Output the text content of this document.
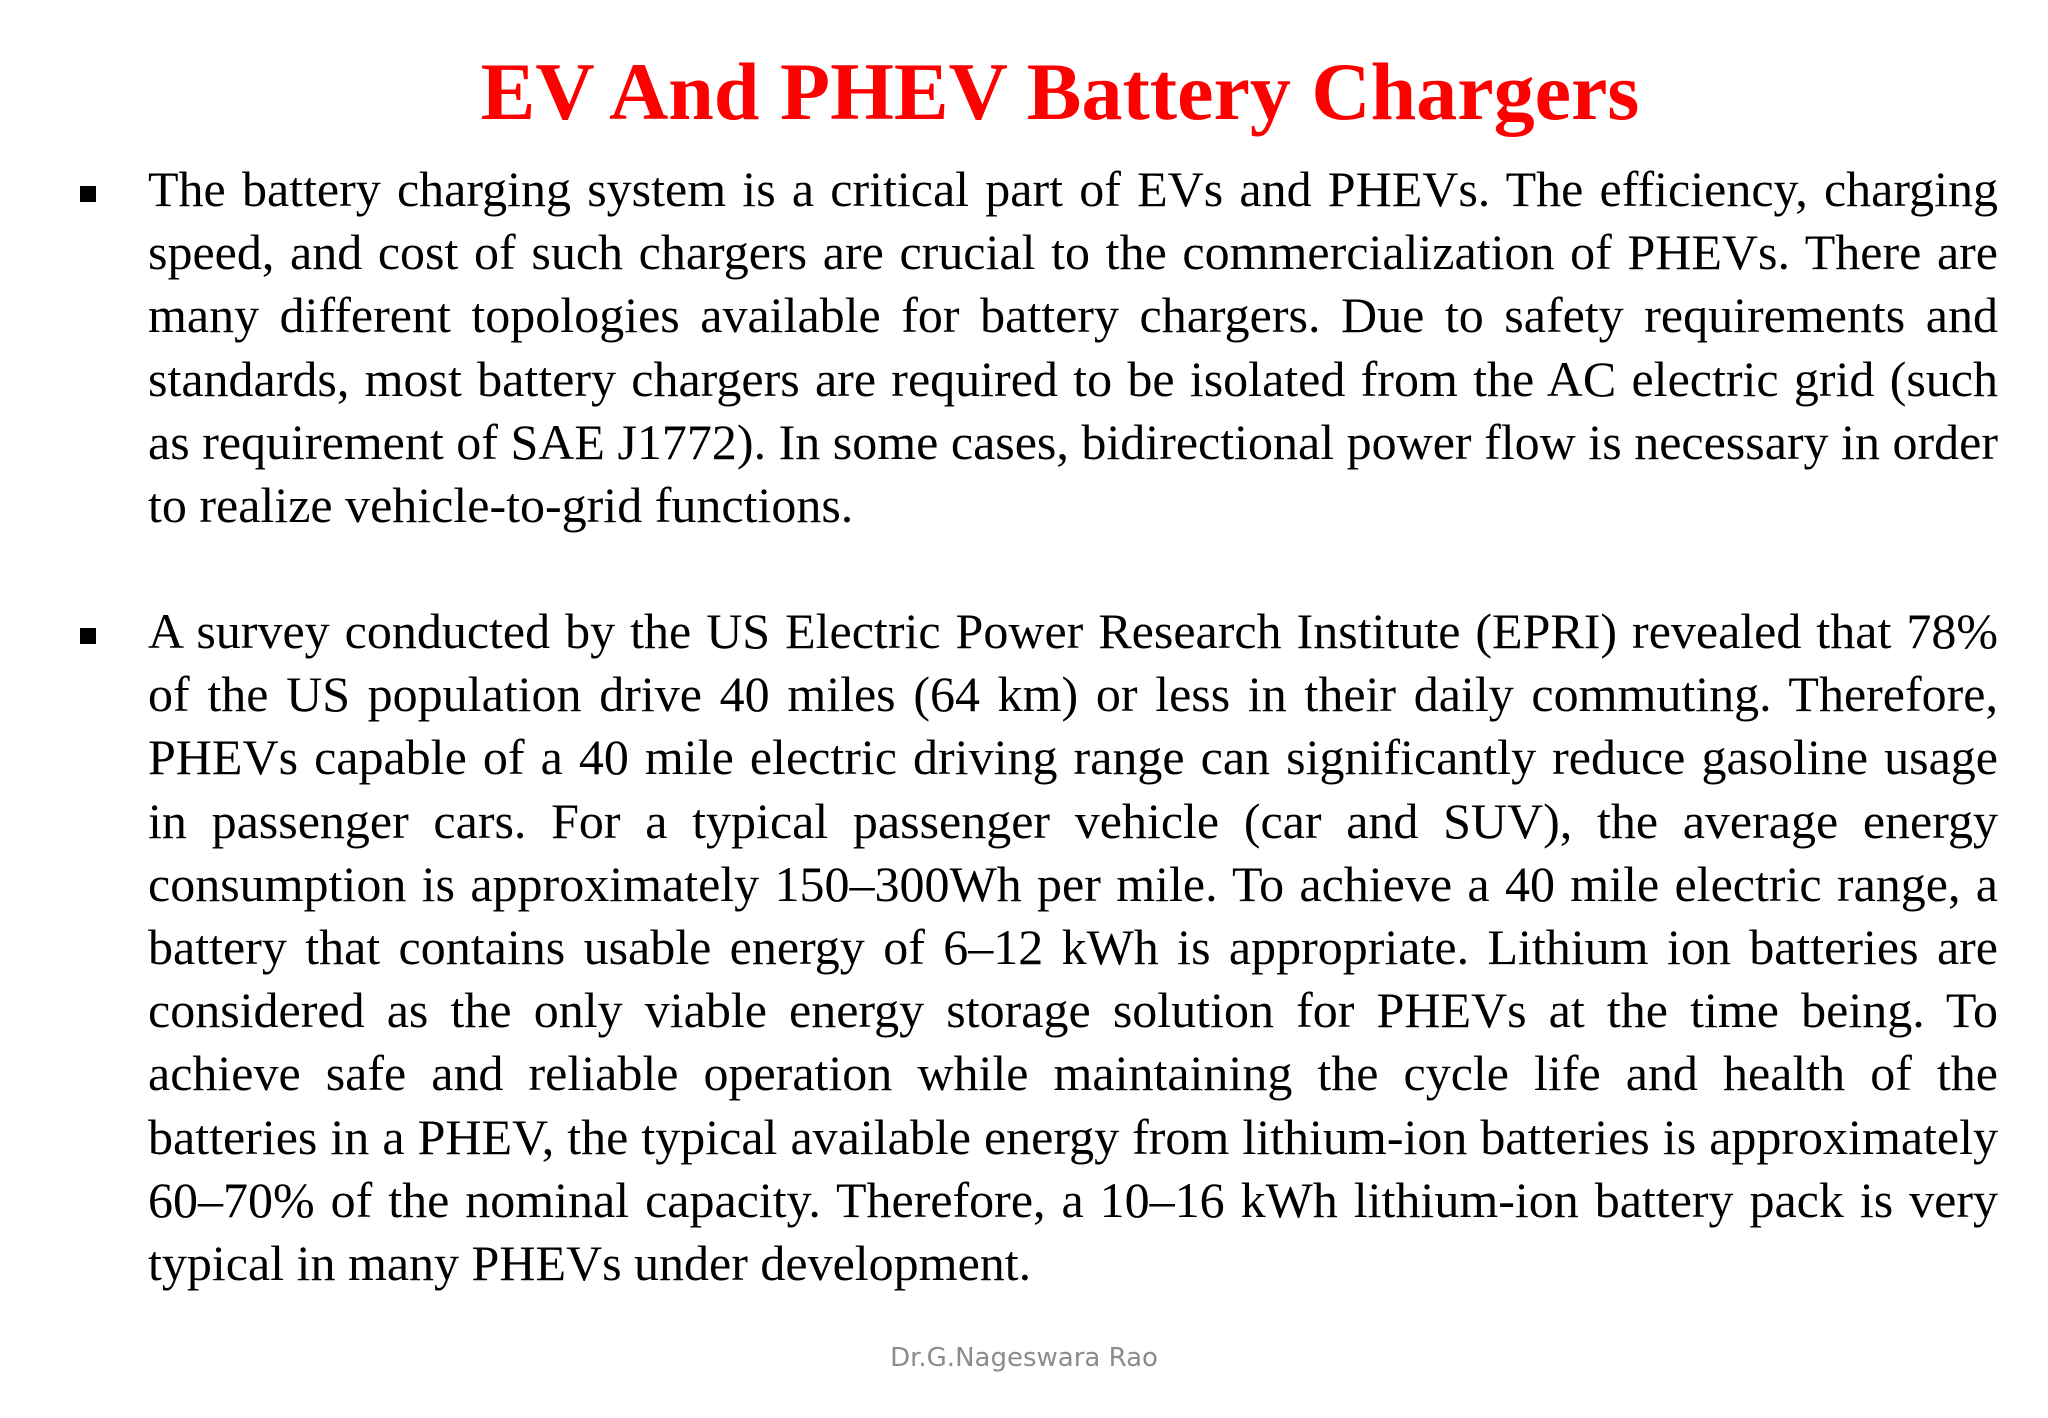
EV And PHEV Battery Chargers

The battery charging system is a critical part of EVs and PHEVs. The efficiency, charging speed, and cost of such chargers are crucial to the commercialization of PHEVs. There are many different topologies available for battery chargers. Due to safety requirements and standards, most battery chargers are required to be isolated from the AC electric grid (such as requirement of SAE J1772). In some cases, bidirectional power flow is necessary in order to realize vehicle-to-grid functions.

A survey conducted by the US Electric Power Research Institute (EPRI) revealed that 78% of the US population drive 40 miles (64 km) or less in their daily commuting. Therefore, PHEVs capable of a 40 mile electric driving range can significantly reduce gasoline usage in passenger cars. For a typical passenger vehicle (car and SUV), the average energy consumption is approximately 150–300Wh per mile. To achieve a 40 mile electric range, a battery that contains usable energy of 6–12 kWh is appropriate. Lithium ion batteries are considered as the only viable energy storage solution for PHEVs at the time being. To achieve safe and reliable operation while maintaining the cycle life and health of the batteries in a PHEV, the typical available energy from lithium-ion batteries is approximately 60–70% of the nominal capacity. Therefore, a 10–16 kWh lithium-ion battery pack is very typical in many PHEVs under development.

Dr.G.Nageswara Rao
